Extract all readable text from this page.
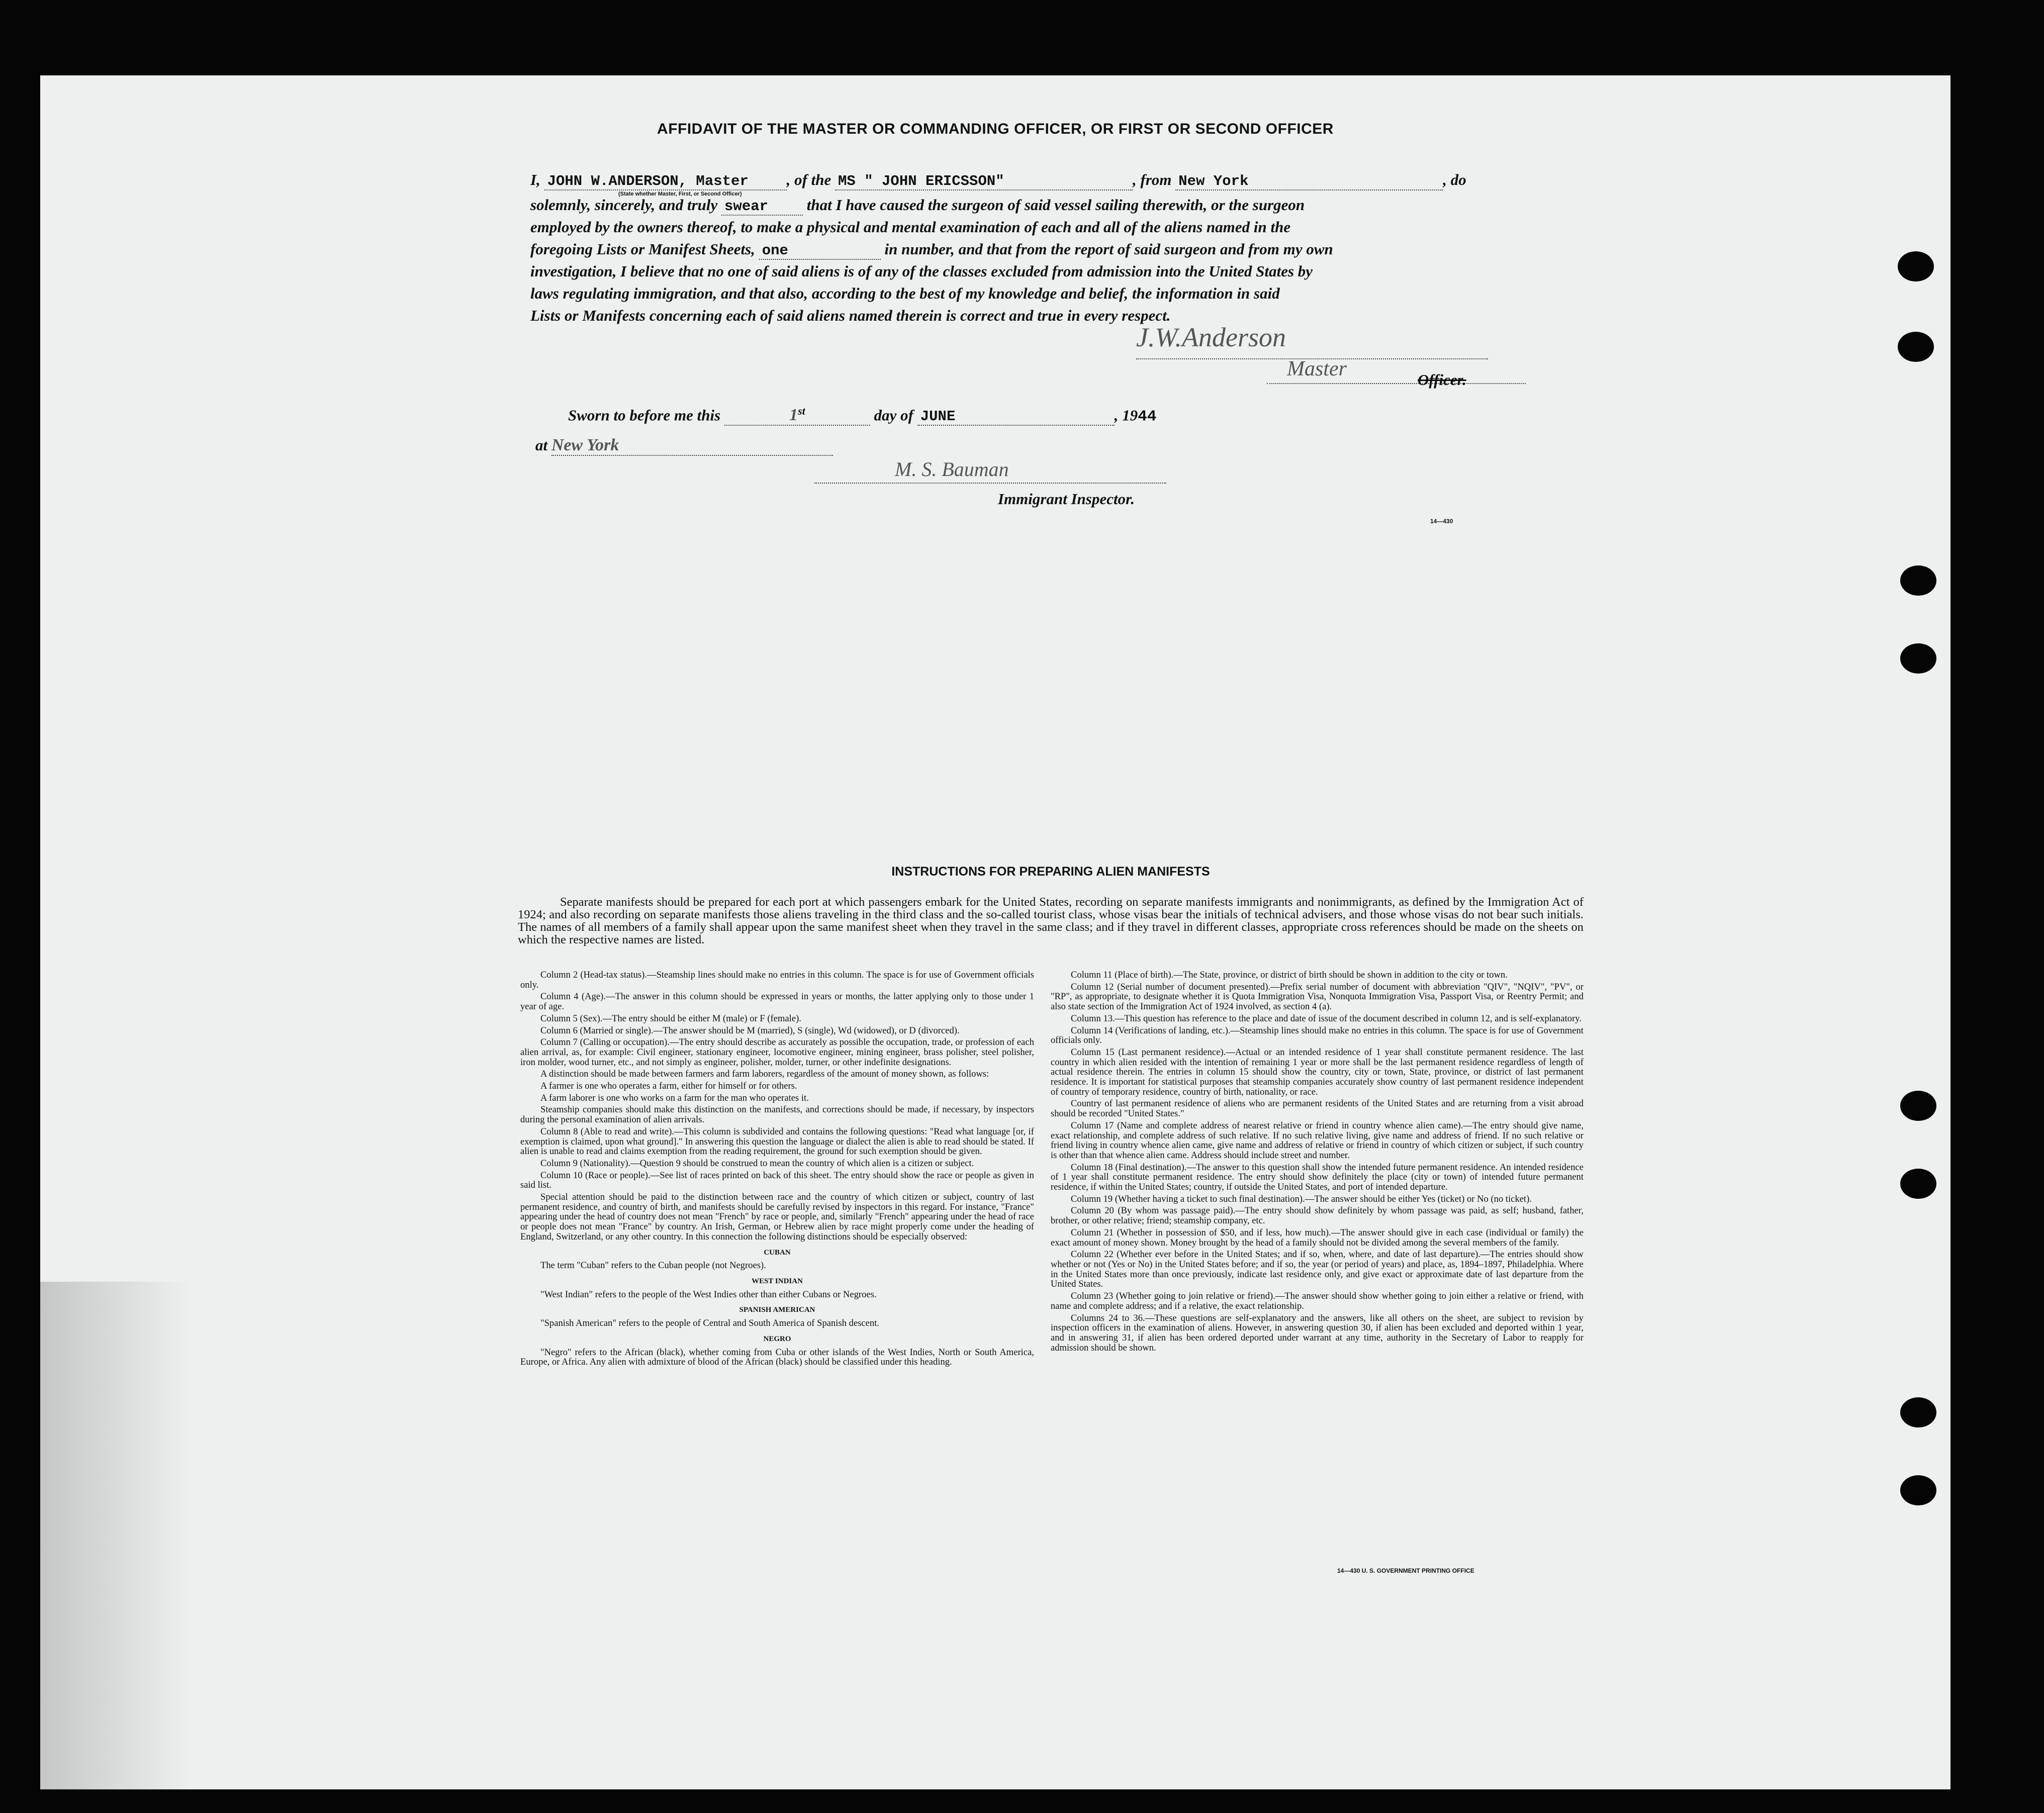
AFFIDAVIT OF THE MASTER OR COMMANDING OFFICER, OR FIRST OR SECOND OFFICER
I, JOHN W.ANDERSON, Master , of the MS " JOHN ERICSSON"	, from New York	, do
(State whether Master, First, or Second Officer)
solemnly, sincerely, and truly swear that I have caused the surgeon of said vessel sailing therewith, or the surgeon
employed by the owners thereof, to make a physical and mental examination of each and all of the aliens named in the
foregoing Lists or Manifest Sheets, one	in number, and that from the report of said surgeon and from my own
investigation, I believe that no one of said aliens is of any of the classes excluded from admission into the United States by
laws regulating immigration, and that also, according to the best of my knowledge and belief, the information in said
Lists or Manifests concerning each of said aliens named therein is correct and true in every respect.
J.W.Anderson
Master	Officer.
Sworn to before me this	1st	day of JUNE	, 1944
at New York
M. S. Bauman
Immigrant Inspector.
14—430
INSTRUCTIONS FOR PREPARING ALIEN MANIFESTS
Separate manifests should be prepared for each port at which passengers embark for the United States, recording on separate manifests immigrants and nonimmigrants, as defined by the Immigration Act of 1924; and also recording on separate manifests those aliens traveling in the third class and the so-called tourist class, whose visas bear the initials of technical advisers, and those whose visas do not bear such initials. The names of all members of a family shall appear upon the same manifest sheet when they travel in the same class; and if they travel in different classes, appropriate cross references should be made on the sheets on which the respective names are listed.

Column 2 (Head-tax status).—Steamship lines should make no entries in this column. The space is for use of Government officials only.

Column 4 (Age).—The answer in this column should be expressed in years or months, the latter applying only to those under 1 year of age.

Column 5 (Sex).—The entry should be either M (male) or F (female).

Column 6 (Married or single).—The answer should be M (married), S (single), Wd (widowed), or D (divorced).

Column 7 (Calling or occupation).—The entry should describe as accurately as possible the occupation, trade, or profession of each alien arrival, as, for example: Civil engineer, stationary engineer, locomotive engineer, mining engineer, brass polisher, steel polisher, iron molder, wood turner, etc., and not simply as engineer, polisher, molder, turner, or other indefinite designations.

A distinction should be made between farmers and farm laborers, regardless of the amount of money shown, as follows:

A farmer is one who operates a farm, either for himself or for others.

A farm laborer is one who works on a farm for the man who operates it.

Steamship companies should make this distinction on the manifests, and corrections should be made, if necessary, by inspectors during the personal examination of alien arrivals.

Column 8 (Able to read and write).—This column is subdivided and contains the following questions: "Read what language [or, if exemption is claimed, upon what ground]." In answering this question the language or dialect the alien is able to read should be stated. If alien is unable to read and claims exemption from the reading requirement, the ground for such exemption should be given.

Column 9 (Nationality).—Question 9 should be construed to mean the country of which alien is a citizen or subject.

Column 10 (Race or people).—See list of races printed on back of this sheet. The entry should show the race or people as given in said list.

Special attention should be paid to the distinction between race and the country of which citizen or subject, country of last permanent residence, and country of birth, and manifests should be carefully revised by inspectors in this regard. For instance, "France" appearing under the head of country does not mean "French" by race or people, and, similarly "French" appearing under the head of race or people does not mean "France" by country. An Irish, German, or Hebrew alien by race might properly come under the heading of England, Switzerland, or any other country. In this connection the following distinctions should be especially observed:

CUBAN

The term "Cuban" refers to the Cuban people (not Negroes).

WEST INDIAN

"West Indian" refers to the people of the West Indies other than either Cubans or Negroes.

SPANISH AMERICAN

"Spanish American" refers to the people of Central and South America of Spanish descent.

NEGRO

"Negro" refers to the African (black), whether coming from Cuba or other islands of the West Indies, North or South America, Europe, or Africa. Any alien with admixture of blood of the African (black) should be classified under this heading.

Column 11 (Place of birth).—The State, province, or district of birth should be shown in addition to the city or town.

Column 12 (Serial number of document presented).—Prefix serial number of document with abbreviation "QIV", "NQIV", "PV", or "RP", as appropriate, to designate whether it is Quota Immigration Visa, Nonquota Immigration Visa, Passport Visa, or Reentry Permit; and also state section of the Immigration Act of 1924 involved, as section 4 (a).

Column 13.—This question has reference to the place and date of issue of the document described in column 12, and is self-explanatory.

Column 14 (Verifications of landing, etc.).—Steamship lines should make no entries in this column. The space is for use of Government officials only.

Column 15 (Last permanent residence).—Actual or an intended residence of 1 year shall constitute permanent residence. The last country in which alien resided with the intention of remaining 1 year or more shall be the last permanent residence regardless of length of actual residence therein. The entries in column 15 should show the country, city or town, State, province, or district of last permanent residence. It is important for statistical purposes that steamship companies accurately show country of last permanent residence independent of country of temporary residence, country of birth, nationality, or race.

Country of last permanent residence of aliens who are permanent residents of the United States and are returning from a visit abroad should be recorded "United States."

Column 17 (Name and complete address of nearest relative or friend in country whence alien came).—The entry should give name, exact relationship, and complete address of such relative. If no such relative living, give name and address of friend. If no such relative or friend living in country whence alien came, give name and address of relative or friend in country of which citizen or subject, if such country is other than that whence alien came. Address should include street and number.

Column 18 (Final destination).—The answer to this question shall show the intended future permanent residence. An intended residence of 1 year shall constitute permanent residence. The entry should show definitely the place (city or town) of intended future permanent residence, if within the United States; country, if outside the United States, and port of intended departure.

Column 19 (Whether having a ticket to such final destination).—The answer should be either Yes (ticket) or No (no ticket).

Column 20 (By whom was passage paid).—The entry should show definitely by whom passage was paid, as self; husband, father, brother, or other relative; friend; steamship company, etc.

Column 21 (Whether in possession of $50, and if less, how much).—The answer should give in each case (individual or family) the exact amount of money shown. Money brought by the head of a family should not be divided among the several members of the family.

Column 22 (Whether ever before in the United States; and if so, when, where, and date of last departure).—The entries should show whether or not (Yes or No) in the United States before; and if so, the year (or period of years) and place, as, 1894–1897, Philadelphia. Where in the United States more than once previously, indicate last residence only, and give exact or approximate date of last departure from the United States.

Column 23 (Whether going to join relative or friend).—The answer should show whether going to join either a relative or friend, with name and complete address; and if a relative, the exact relationship.

Columns 24 to 36.—These questions are self-explanatory and the answers, like all others on the sheet, are subject to revision by inspection officers in the examination of aliens. However, in answering question 30, if alien has been excluded and deported within 1 year, and in answering 31, if alien has been ordered deported under warrant at any time, authority in the Secretary of Labor to reapply for admission should be shown.

14—430 U. S. GOVERNMENT PRINTING OFFICE
